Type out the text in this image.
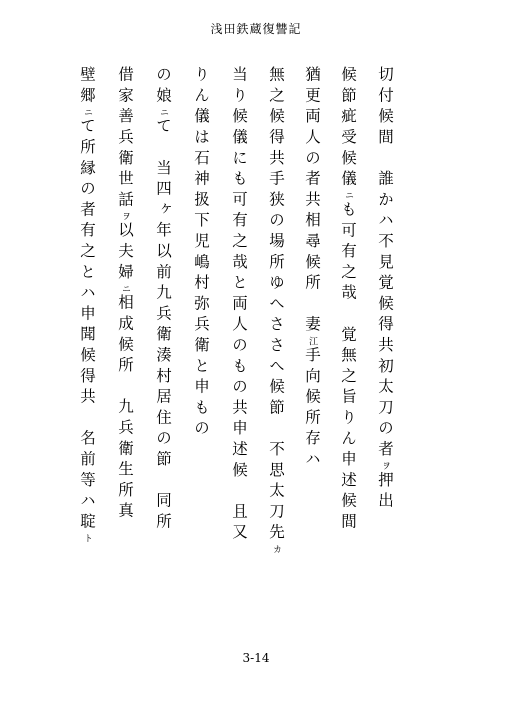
浅田鉄蔵復讐記
切付候間　誰かハ不見覚候得共初太刀の者ヲ押出
候節疵受候儀ニも可有之哉　覚無之旨りん申述候間
猶更両人の者共相尋候所　妻江手向候所存ハ
無之候得共手狭の場所ゆへささへ候節　不思太刀先カ
当り候儀にも可有之哉と両人のもの共申述候　且又
りん儀は石神扱下児嶋村弥兵衛と申もの
の娘ニて　当四ヶ年以前九兵衛湊村居住の節　同所
借家善兵衛世話ヲ以夫婦ニ相成候所　九兵衛生所真
壁郷ニて所縁の者有之とハ申聞候得共　名前等ハ聢ト
3-14
